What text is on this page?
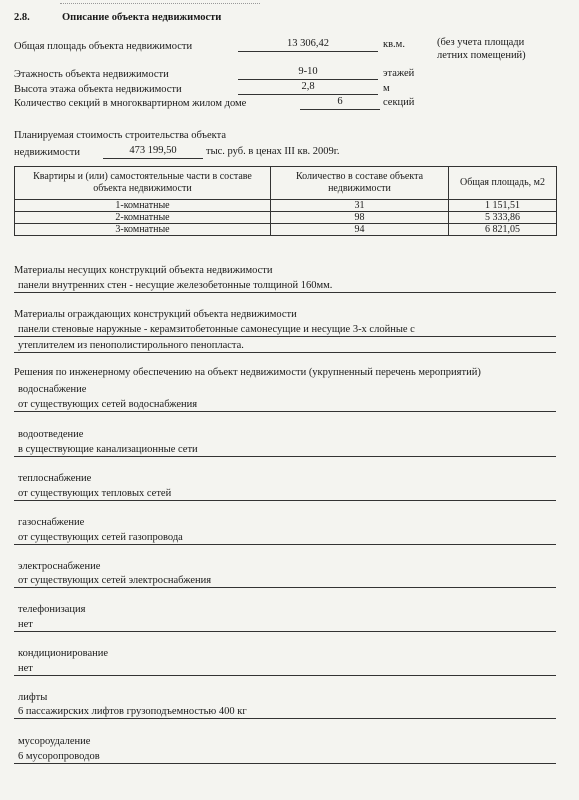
2.8.	Описание объекта недвижимости
Общая площадь объекта недвижимости	13 306,42	кв.м.	(без учета площади
летних помещений)
Этажность объекта недвижимости	9-10	этажей
Высота этажа объекта недвижимости	2,8	м
Количество секций в многоквартирном жилом доме	6	секций
Планируемая стоимость строительства объекта
недвижимости	473 199,50	тыс. руб. в ценах III кв. 2009г.
Квартиры и (или) самостоятельные части в составе объекта недвижимости	Количество в составе объекта недвижимости	Общая площадь, м2
1-комнатные	31	1 151,51
2-комнатные	98	5 333,86
3-комнатные	94	6 821,05
Материалы несущих конструкций объекта недвижимости
панели внутренних стен - несущие железобетонные толщиной 160мм.
Материалы ограждающих конструкций объекта недвижимости
панели стеновые наружные - керамзитобетонные самонесущие и несущие 3-х слойные с
утеплителем из пенополистирольного пенопласта.
Решения по инженерному обеспечению на объект недвижимости (укрупненный перечень мероприятий)
водоснабжение
от существующих сетей водоснабжения
водоотведение
в существующие канализационные сети
теплоснабжение
от существующих тепловых сетей
газоснабжение
от существующих сетей газопровода
электроснабжение
от существующих сетей электроснабжения
телефонизация
нет
кондиционирование
нет
лифты
6 пассажирских лифтов грузоподъемностью 400 кг
мусороудаление
6 мусоропроводов
